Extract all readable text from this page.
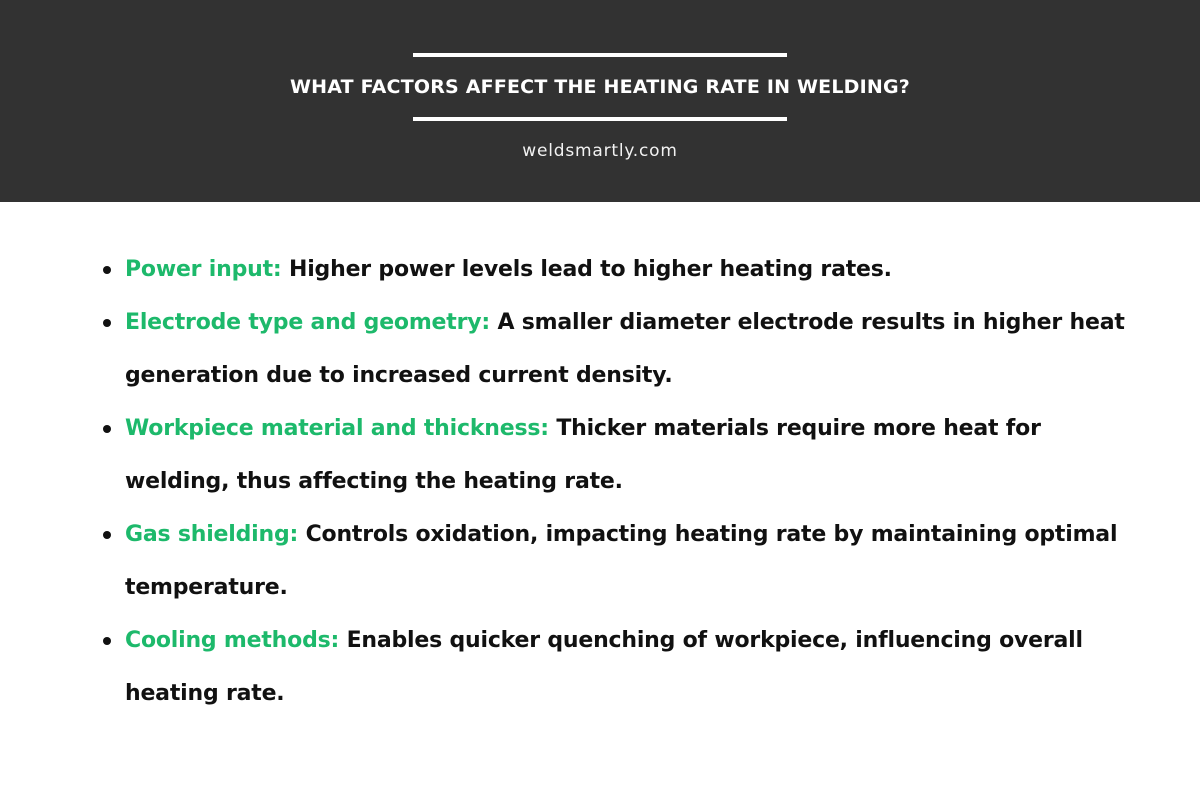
WHAT FACTORS AFFECT THE HEATING RATE IN WELDING?
weldsmartly.com
Power input: Higher power levels lead to higher heating rates.
Electrode type and geometry: A smaller diameter electrode results in higher heat generation due to increased current density.
Workpiece material and thickness: Thicker materials require more heat for welding, thus affecting the heating rate.
Gas shielding: Controls oxidation, impacting heating rate by maintaining optimal temperature.
Cooling methods: Enables quicker quenching of workpiece, influencing overall heating rate.
